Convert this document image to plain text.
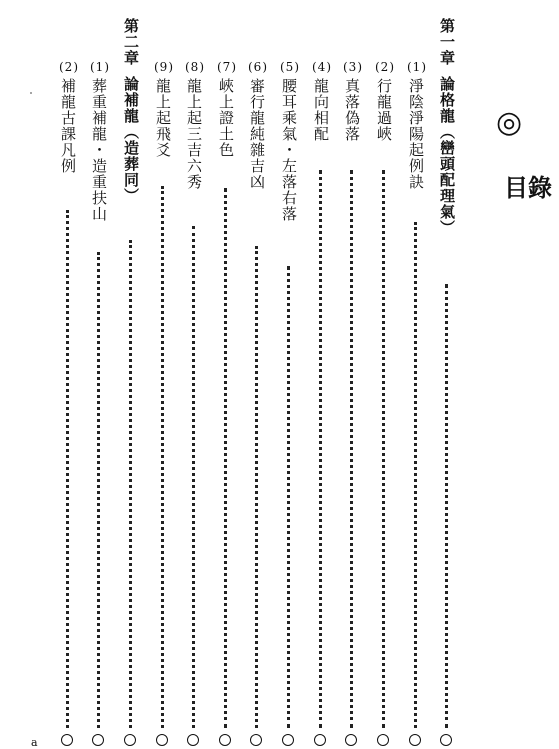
◎
目錄
第一章論格龍（巒頭配理氣）
(1)淨陰淨陽起例訣
(2)行龍過峽
(3)真落偽落
(4)龍向相配
(5)腰耳乘氣・左落右落
(6)審行龍純雜吉凶
(7)峽上證土色
(8)龍上起三吉六秀
(9)龍上起飛爻
第二章論補龍（造葬同）
(1)葬重補龍・造重扶山
(2)補龍古課凡例
a
